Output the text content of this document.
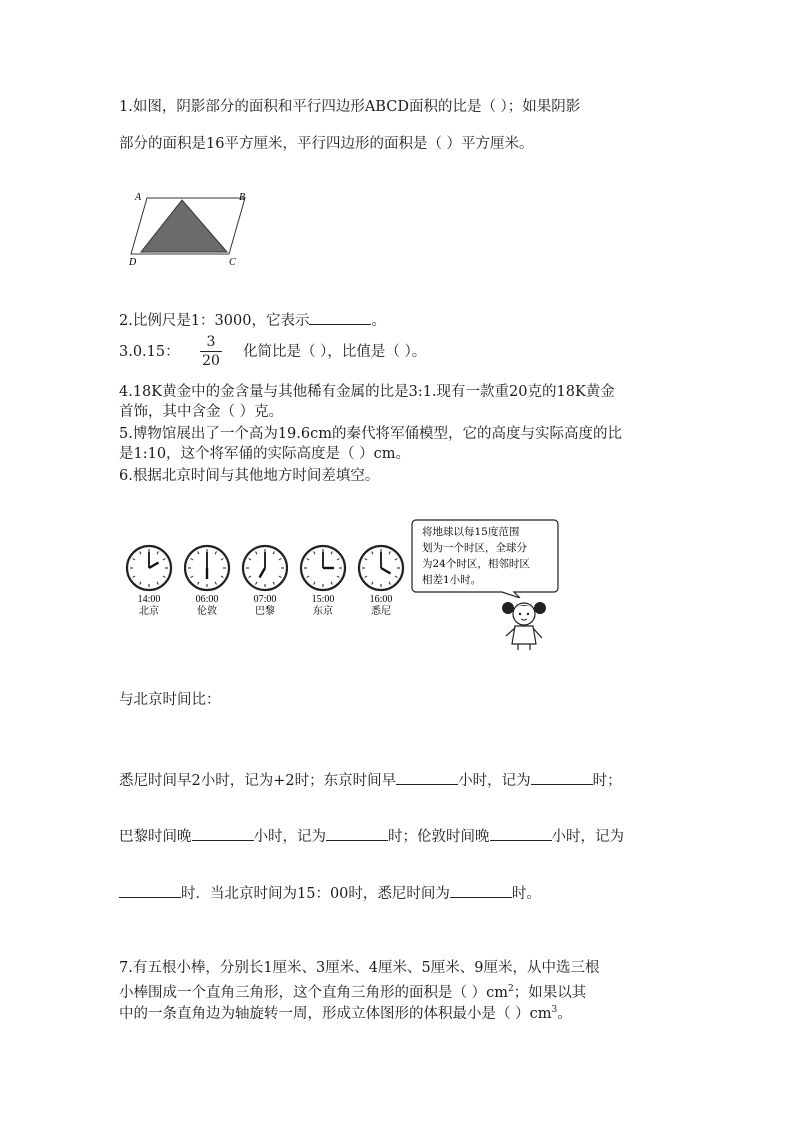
1.如图，阴影部分的面积和平行四边形ABCD面积的比是（ ）；如果阴影
部分的面积是16平方厘米，平行四边形的面积是（ ）平方厘米。
A	B
C
D
2.比例尺是1：3000，它表示	。
3.0.15：
3
20
化简比是（ ），比值是（ ）。
4.18K黄金中的金含量与其他稀有金属的比是3:1.现有一款重20克的18K黄金
首饰，其中含金（ ）克。
5.博物馆展出了一个高为19.6cm的秦代将军俑模型，它的高度与实际高度的比
是1:10，这个将军俑的实际高度是（ ）cm。
6.根据北京时间与其他地方时间差填空。
14:00
北京
06:00
伦敦
07:00
巴黎
15:00
东京
16:00
悉尼
将地球以每15度范围
划为一个时区，全球分
为24个时区，相邻时区
相差1小时。
与北京时间比：
悉尼时间早2小时，记为+2时；东京时间早	小时，记为	时；
巴黎时间晚	小时，记为	时；伦敦时间晚	小时，记为
时．当北京时间为15：00时，悉尼时间为	时。
7.有五根小棒，分别长1厘米、3厘米、4厘米、5厘米、9厘米，从中选三根
小棒围成一个直角三角形，这个直角三角形的面积是（ ）$cm^2$；如果以其
中的一条直角边为轴旋转一周，形成立体图形的体积最小是（ ）$cm^3$。
